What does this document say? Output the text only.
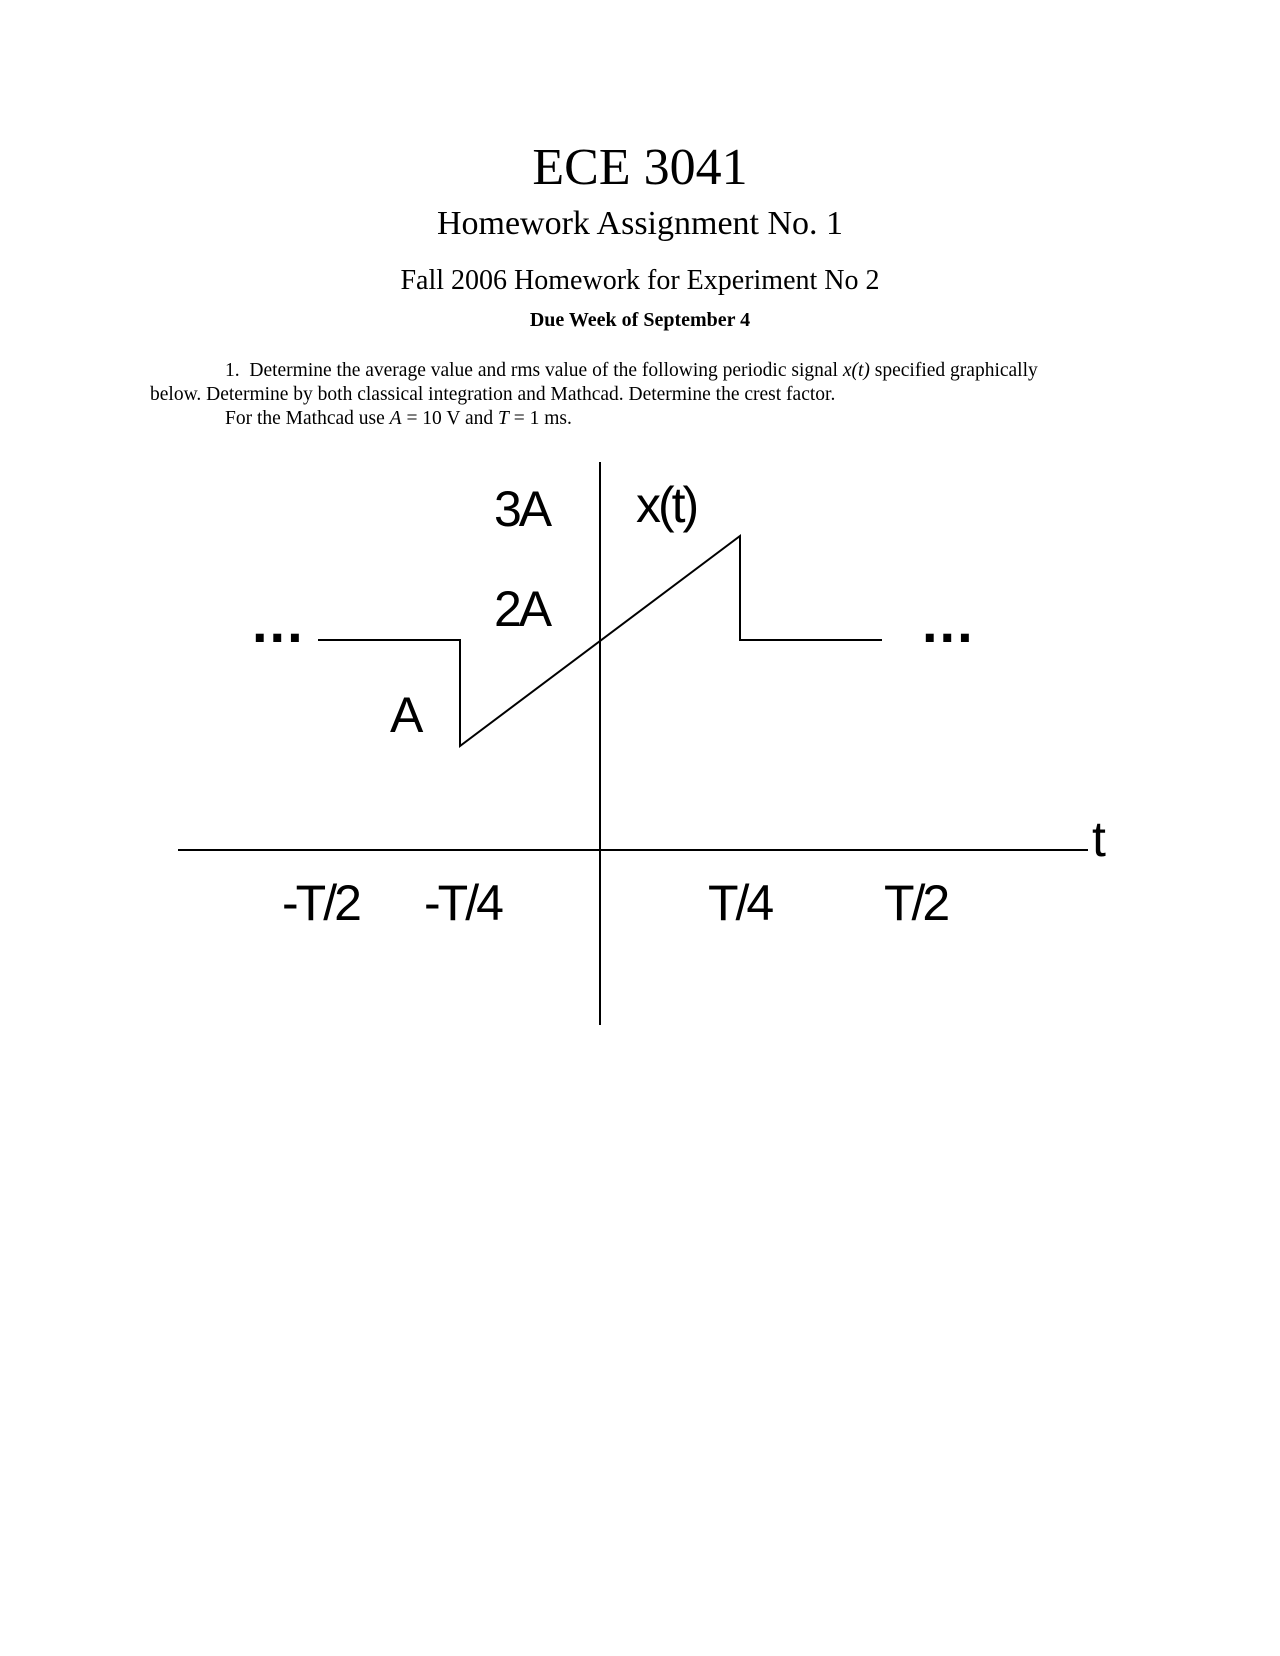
ECE 3041
Homework Assignment No. 1
Fall 2006 Homework for Experiment No 2
Due Week of September 4

1. Determine the average value and rms value of the following periodic signal x(t) specified graphically

below. Determine by both classical integration and Mathcad. Determine the crest factor.

For the Mathcad use A = 10 V and T = 1 ms.

...	...
x(t)
t
3A
2A
A
-T/2 -T/4	T/4 T/2
